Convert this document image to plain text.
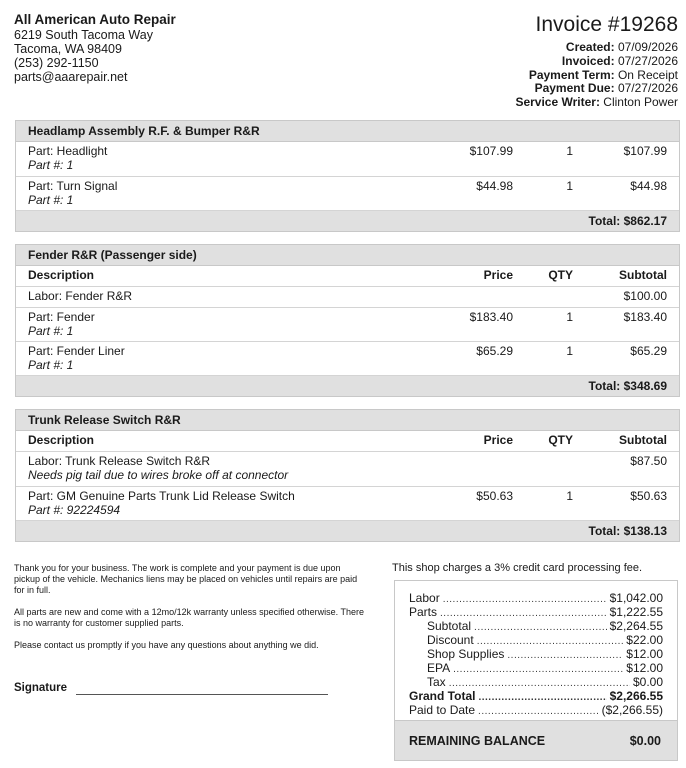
All American Auto Repair
6219 South Tacoma Way
Tacoma, WA 98409
(253) 292-1150
parts@aaarepair.net
Invoice #19268
Created: 07/09/2026
Invoiced: 07/27/2026
Payment Term: On Receipt
Payment Due: 07/27/2026
Service Writer: Clinton Power
Headlamp Assembly R.F. & Bumper R&R
Part: Headlight
Part #: 1
$107.99	1	$107.99
Part: Turn Signal
Part #: 1
$44.98	1	$44.98
Total: $862.17
Fender R&R (Passenger side)
Description	Price	QTY	Subtotal
Labor: Fender R&R	$100.00
Part: Fender
Part #: 1
$183.40	1	$183.40
Part: Fender Liner
Part #: 1
$65.29	1	$65.29
Total: $348.69
Trunk Release Switch R&R
Description	Price	QTY	Subtotal
Labor: Trunk Release Switch R&R
Needs pig tail due to wires broke off at connector
$87.50
Part: GM Genuine Parts Trunk Lid Release Switch
Part #: 92224594
$50.63	1	$50.63
Total: $138.13

Thank you for your business. The work is complete and your payment is due upon pickup of the vehicle. Mechanics liens may be placed on vehicles until repairs are paid for in full.

All parts are new and come with a 12mo/12k warranty unless specified otherwise. There is no warranty for customer supplied parts.

Please contact us promptly if you have any questions about anything we did.

Signature
This shop charges a 3% credit card processing fee.
Labor .....	$1,042.00
Parts .....	$1,222.55
Subtotal .....	$2,264.55
Discount .....	$22.00
Shop Supplies .....	$12.00
EPA .....	$12.00
Tax .....	$0.00
Grand Total .....	$2,266.55
Paid to Date .....	($2,266.55)
REMAINING BALANCE	$0.00
